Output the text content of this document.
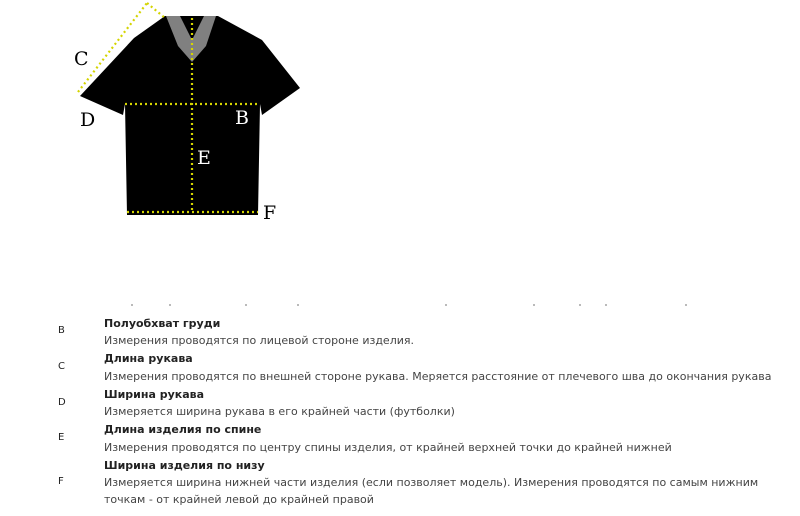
C
D	B
E
F
B
Полуобхват груди
Измерения проводятся по лицевой стороне изделия.
C
Длина рукава
Измерения проводятся по внешней стороне рукава. Меряется расстояние от плечевого шва до окончания рукава
D
Ширина рукава
Измеряется ширина рукава в его крайней части (футболки)
E
Длина изделия по спине
Измерения проводятся по центру спины изделия, от крайней верхней точки до крайней нижней
F
Ширина изделия по низу
Измеряется ширина нижней части изделия (если позволяет модель). Измерения проводятся по самым нижним точкам - от крайней левой до крайней правой
